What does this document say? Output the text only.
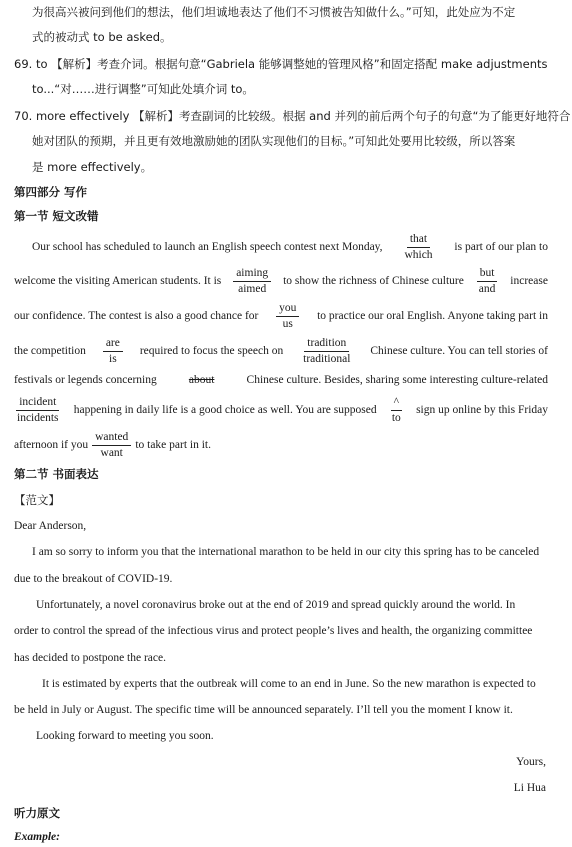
为很高兴被问到他们的想法，他们坦诚地表达了他们不习惯被告知做什么。”可知，此处应为不定
式的被动式 to be asked。
69. to 【解析】考查介词。根据句意“Gabriela 能够调整她的管理风格”和固定搭配 make adjustments
to...“对……进行调整”可知此处填介词 to。
70. more effectively 【解析】考查副词的比较级。根据 and 并列的前后两个句子的句意“为了能更好地符合
她对团队的预期，并且更有效地激励她的团队实现他们的目标。”可知此处要用比较级，所以答案
是 more effectively。
第四部分 写作
第一节 短文改错
Our school has scheduled to launch an English speech contest next Monday, $\frac{\text{that}}{\text{which}}$ is part of our plan to
welcome the visiting American students. It is $\frac{aiming}{\text{aimed}}$ to show the richness of Chinese culture $\frac{\text{but}}{\text{and}}$ increase
our confidence. The contest is also a good chance for $\frac{\text{you}}{us}$ to practice our oral English. Anyone taking part in
the competition $\frac{\text{are}}{is}$ required to focus the speech on $\frac{\text{tradition}}{\text{traditional}}$ Chinese culture. You can tell stories of
festivals or legends concerning	about	Chinese culture. Besides, sharing some interesting culture-related
$\frac{\text{incident}}{\text{incidents}}$ happening in daily life is a good choice as well. You are supposed $\frac{\^{}}{to}$ sign up online by this Friday
afternoon if you $\frac{\text{wanted}}{\text{want}}$ to take part in it.
第二节 书面表达
【范文】
Dear Anderson,
I am so sorry to inform you that the international marathon to be held in our city this spring has to be canceled
due to the breakout of COVID-19.
Unfortunately, a novel coronavirus broke out at the end of 2019 and spread quickly around the world. In
order to control the spread of the infectious virus and protect people’s lives and health, the organizing committee
has decided to postpone the race.
It is estimated by experts that the outbreak will come to an end in June. So the new marathon is expected to
be held in July or August. The specific time will be announced separately. I’ll tell you the moment I know it.
Looking forward to meeting you soon.
Yours,
Li Hua
听力原文
Example:
